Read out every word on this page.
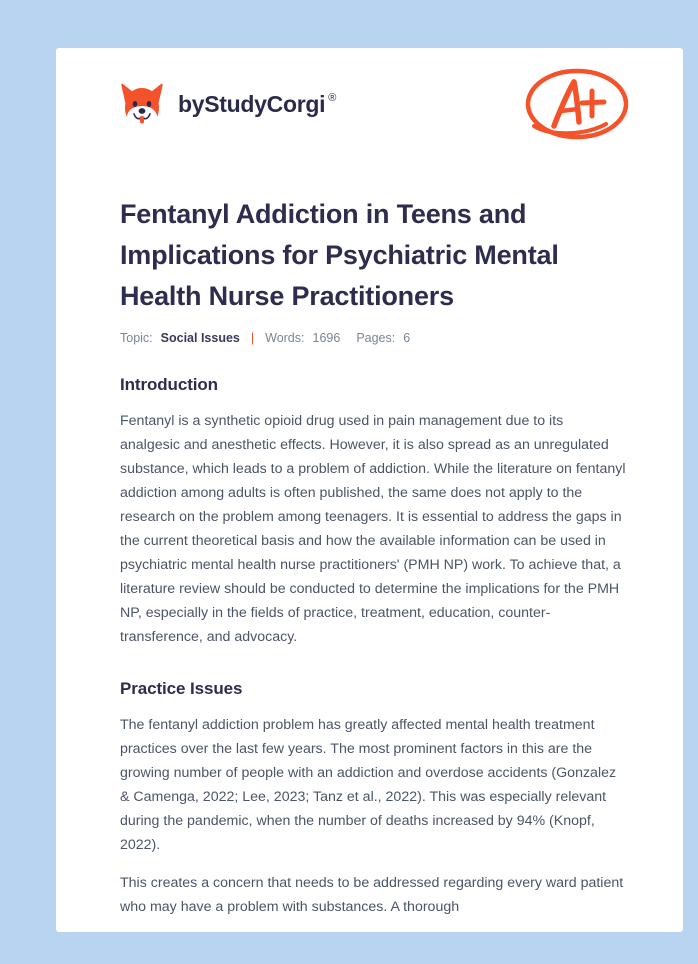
by StudyCorgi ®
Fentanyl Addiction in Teens and Implications for Psychiatric Mental Health Nurse Practitioners
Topic: Social Issues | Words: 1696 Pages: 6
Introduction

Fentanyl is a synthetic opioid drug used in pain management due to its analgesic and anesthetic effects. However, it is also spread as an unregulated substance, which leads to a problem of addiction. While the literature on fentanyl addiction among adults is often published, the same does not apply to the research on the problem among teenagers. It is essential to address the gaps in the current theoretical basis and how the available information can be used in psychiatric mental health nurse practitioners' (PMH NP) work. To achieve that, a literature review should be conducted to determine the implications for the PMH NP, especially in the fields of practice, treatment, education, counter-transference, and advocacy.

Practice Issues

The fentanyl addiction problem has greatly affected mental health treatment practices over the last few years. The most prominent factors in this are the growing number of people with an addiction and overdose accidents (Gonzalez & Camenga, 2022; Lee, 2023; Tanz et al., 2022). This was especially relevant during the pandemic, when the number of deaths increased by 94% (Knopf, 2022).

This creates a concern that needs to be addressed regarding every ward patient who may have a problem with substances. A thorough
